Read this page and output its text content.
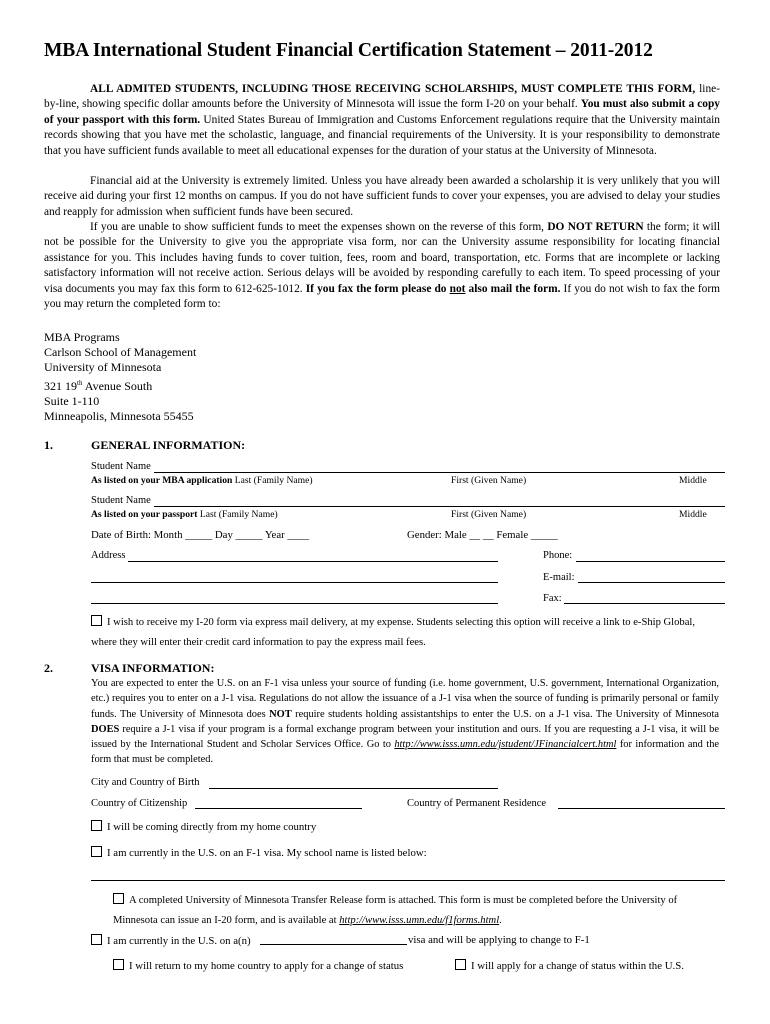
MBA International Student Financial Certification Statement – 2011-2012

ALL ADMITED STUDENTS, INCLUDING THOSE RECEIVING SCHOLARSHIPS, MUST COMPLETE THIS FORM, line-by-line, showing specific dollar amounts before the University of Minnesota will issue the form I-20 on your behalf. You must also submit a copy of your passport with this form. United States Bureau of Immigration and Customs Enforcement regulations require that the University maintain records showing that you have met the scholastic, language, and financial requirements of the University. It is your responsibility to demonstrate that you have sufficient funds available to meet all educational expenses for the duration of your status at the University of Minnesota.

Financial aid at the University is extremely limited. Unless you have already been awarded a scholarship it is very unlikely that you will receive aid during your first 12 months on campus. If you do not have sufficient funds to cover your expenses, you are advised to delay your studies and reapply for admission when sufficient funds have been secured.

If you are unable to show sufficient funds to meet the expenses shown on the reverse of this form, DO NOT RETURN the form; it will not be possible for the University to give you the appropriate visa form, nor can the University assume responsibility for locating financial assistance for you. This includes having funds to cover tuition, fees, room and board, transportation, etc. Forms that are incomplete or lacking satisfactory information will not receive action. Serious delays will be avoided by responding carefully to each item. To speed processing of your visa documents you may fax this form to 612-625-1012. If you fax the form please do not also mail the form. If you do not wish to fax the form you may return the completed form to:

MBA Programs
Carlson School of Management
University of Minnesota
321 19th Avenue South
Suite 1-110
Minneapolis, Minnesota 55455
1.	GENERAL INFORMATION:
Student Name
As listed on your MBA application Last (Family Name)	First (Given Name)	Middle
Student Name
As listed on your passport Last (Family Name)	First (Given Name)	Middle
Date of Birth: Month _____ Day _____ Year ____	Gender: Male __ __ Female _____
Address	Phone:
E-mail:
Fax:
I wish to receive my I-20 form via express mail delivery, at my expense. Students selecting this option will receive a link to e-Ship Global, where they will enter their credit card information to pay the express mail fees.
2.	VISA INFORMATION:

You are expected to enter the U.S. on an F-1 visa unless your source of funding (i.e. home government, U.S. government, International Organization, etc.) requires you to enter on a J-1 visa. Regulations do not allow the issuance of a J-1 visa when the source of funding is primarily personal or family funds. The University of Minnesota does NOT require students holding assistantships to enter the U.S. on a J-1 visa. The University of Minnesota DOES require a J-1 visa if your program is a formal exchange program between your institution and ours. If you are requesting a J-1 visa, it will be issued by the International Student and Scholar Services Office. Go to http://www.isss.umn.edu/jstudent/JFinancialcert.html for information and the form that must be completed.

City and Country of Birth
Country of Citizenship	Country of Permanent Residence
I will be coming directly from my home country
I am currently in the U.S. on an F-1 visa. My school name is listed below:
A completed University of Minnesota Transfer Release form is attached. This form is must be completed before the University of Minnesota can issue an I-20 form, and is available at http://www.isss.umn.edu/f1forms.html.
I am currently in the U.S. on a(n)	visa and will be applying to change to F-1
I will return to my home country to apply for a change of status	I will apply for a change of status within the U.S.
